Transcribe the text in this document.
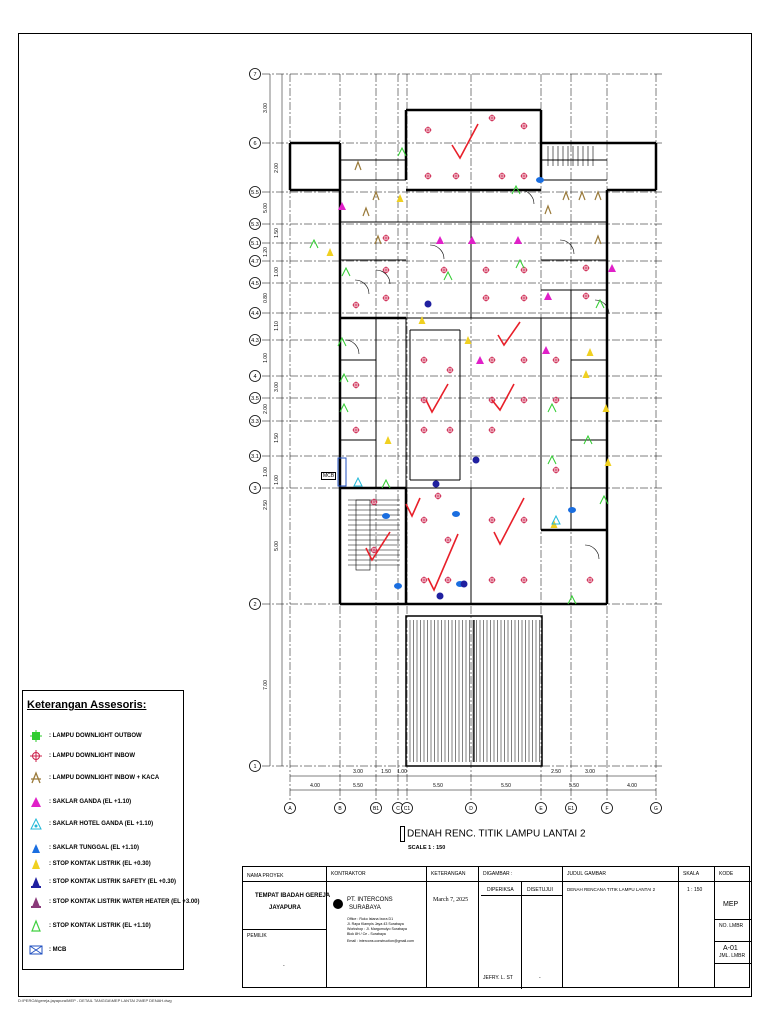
3.00
2.00
5.00
1.50
1.20
1.00
0.80
1.10
1.00
3.00
2.00
1.50
1.00
1.00
2.50
5.00
7.00
3.00	1.50 1.00	2.50	3.00
4.00	5.50	5.50	5.50	5.50	4.00
7
6
5.5
5.3
5.1
4.7
4.5
4.4
4.3
4
3.5
3.3
3.1
3
2
1
A	B	B1	C C1	D	E	E1	F	G
MCB
DENAH RENC. TITIK LAMPU LANTAI 2
SCALE 1 : 150
Keterangan Assesoris:
: LAMPU DOWNLIGHT OUTBOW
: LAMPU DOWNLIGHT INBOW
: LAMPU DOWNLIGHT INBOW + KACA
: SAKLAR GANDA (EL +1.10)
: SAKLAR HOTEL GANDA (EL +1.10)
: SAKLAR TUNGGAL (EL +1.10)
: STOP KONTAK LISTRIK (EL +0.30)
: STOP KONTAK LISTRIK SAFETY (EL +0.30)
: STOP KONTAK LISTRIK WATER HEATER (EL +3.00)
: STOP KONTAK LISTRIK (EL +1.10)
: MCB
NAMA PROYEK
TEMPAT IBADAH GEREJA
JAYAPURA
PEMILIK
-
KONTRAKTOR
PT. INTERCONS
SURABAYA
Office : Ruko Istana Ixora D1
Jl. Raya Klampis Jaya 43 Surabaya
Workshop : Jl. Margomulyo Surabaya
Blok 8H / Ce - Surabaya
Email : intercons.construction@gmail.com
KETERANGAN
March 7, 2025
DIGAMBAR :
DIPERIKSA	DISETUJUI
JEFRY. L. ST	-
JUDUL GAMBAR
DENAH RENCANA TITIK LAMPU LANTAI 2
SKALA
1 : 150
KODE
MEP
NO. LMBR
A-01
JML. LMBR
D:\PEROA\gereja-jayapura\MEP - DETAIL TANGGA\MEP LANTAI 2\MEP DENAH.dwg
